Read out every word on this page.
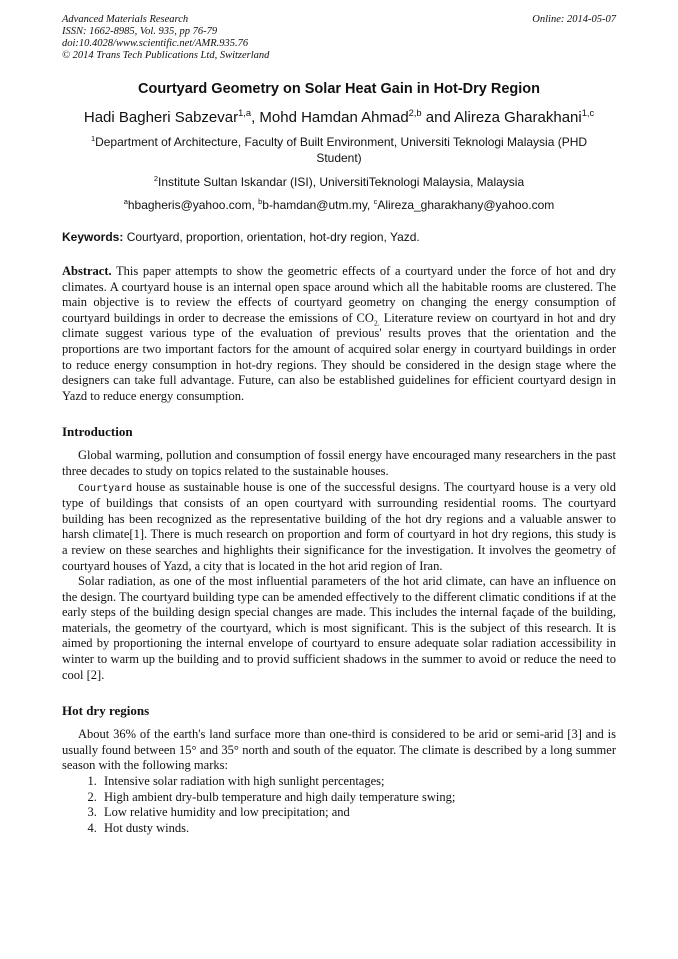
Advanced Materials Research
ISSN: 1662-8985, Vol. 935, pp 76-79
doi:10.4028/www.scientific.net/AMR.935.76
© 2014 Trans Tech Publications Ltd, Switzerland
Online: 2014-05-07
Courtyard Geometry on Solar Heat Gain in Hot-Dry Region
Hadi Bagheri Sabzevar$^{1,a}$, Mohd Hamdan Ahmad$^{2,b}$ and Alireza Gharakhani$^{1,c}$
$^1$Department of Architecture, Faculty of Built Environment, Universiti Teknologi Malaysia (PHD Student)
$^2$Institute Sultan Iskandar (ISI), UniversitiTeknologi Malaysia, Malaysia
$^a$hbagheris@yahoo.com, $^b$b-hamdan@utm.my, $^c$Alireza_gharakhany@yahoo.com
Keywords: Courtyard, proportion, orientation, hot-dry region, Yazd.
Abstract. This paper attempts to show the geometric effects of a courtyard under the force of hot and dry climates. A courtyard house is an internal open space around which all the habitable rooms are clustered. The main objective is to review the effects of courtyard geometry on changing the energy consumption of courtyard buildings in order to decrease the emissions of $CO_{2.}$ Literature review on courtyard in hot and dry climate suggest various type of the evaluation of previous' results proves that the orientation and the proportions are two important factors for the amount of acquired solar energy in courtyard buildings in order to reduce energy consumption in hot-dry regions. They should be considered in the design stage where the designers can take full advantage. Future, can also be established guidelines for efficient courtyard design in Yazd to reduce energy consumption.
Introduction

Global warming, pollution and consumption of fossil energy have encouraged many researchers in the past three decades to study on topics related to the sustainable houses.

Courtyard house as sustainable house is one of the successful designs. The courtyard house is a very old type of buildings that consists of an open courtyard with surrounding residential rooms. The courtyard building has been recognized as the representative building of the hot dry regions and a valuable answer to harsh climate[1]. There is much research on proportion and form of courtyard in hot dry regions, this study is a review on these searches and highlights their significance for the investigation. It involves the geometry of courtyard houses of Yazd, a city that is located in the hot arid region of Iran.

Solar radiation, as one of the most influential parameters of the hot arid climate, can have an influence on the design. The courtyard building type can be amended effectively to the different climatic conditions if at the early steps of the building design special changes are made. This includes the internal façade of the building, materials, the geometry of the courtyard, which is most significant. This is the subject of this research. It is aimed by proportioning the internal envelope of courtyard to ensure adequate solar radiation accessibility in winter to warm up the building and to provid sufficient shadows in the summer to avoid or reduce the need to cool [2].

Hot dry regions

About 36% of the earth's land surface more than one-third is considered to be arid or semi-arid [3] and is usually found between 15° and 35° north and south of the equator. The climate is described by a long summer season with the following marks:

1. Intensive solar radiation with high sunlight percentages;
2. High ambient dry-bulb temperature and high daily temperature swing;
3. Low relative humidity and low precipitation; and
4. Hot dusty winds.
